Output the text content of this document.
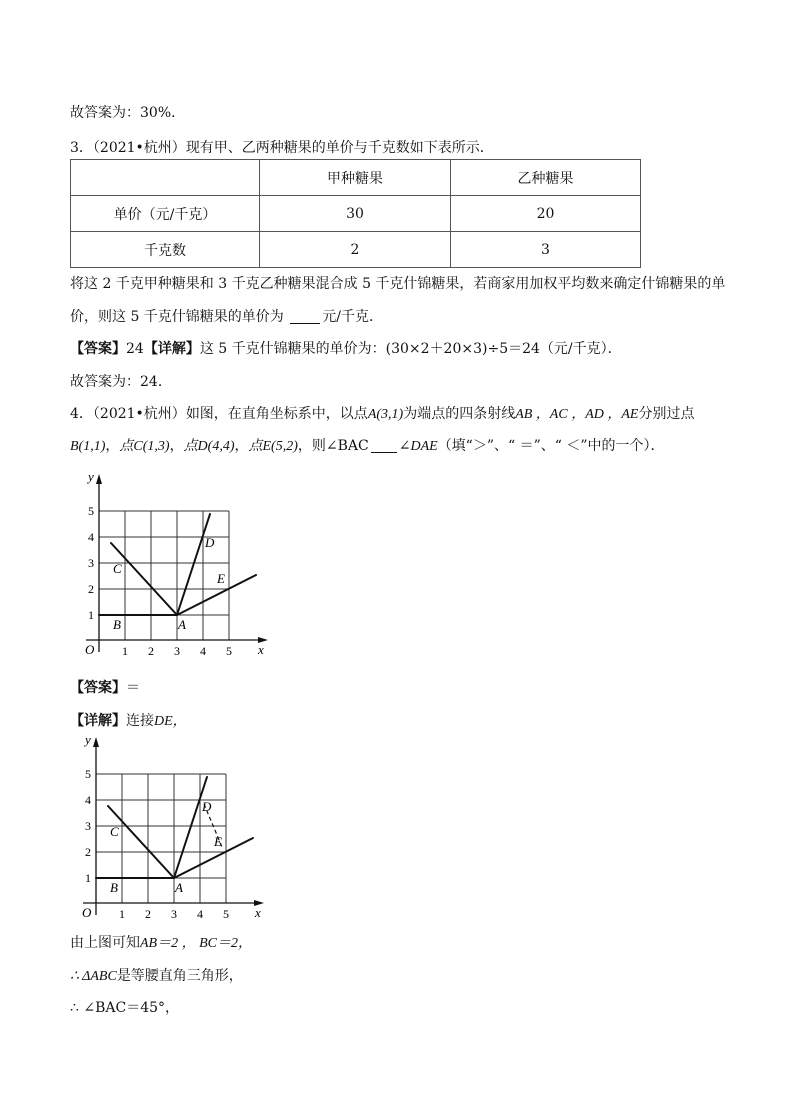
故答案为：30%．
3．（2021•杭州）现有甲、乙两种糖果的单价与千克数如下表所示．
	甲种糖果	乙种糖果
单价（元/千克）	30	20
千克数	2	3
将这 2 千克甲种糖果和 3 千克乙种糖果混合成 5 千克什锦糖果，若商家用加权平均数来确定什锦糖果的单
价，则这 5 千克什锦糖果的单价为	元/千克．
【答案】24【详解】这 5 千克什锦糖果的单价为：(30×2＋20×3)÷5＝24（元/千克）．
故答案为：24．
4．（2021•杭州）如图，在直角坐标系中，以点A(3,1)为端点的四条射线AB ，AC ，AD ，AE分别过点
B(1,1)，点C(1,3)，点D(4,4)，点E(5,2)，则∠BAC ∠DAE（填“＞”、“ ＝”、“ ＜”中的一个）．
y
x
O 1 2 3 4 5
1
2
3
4
5
A
B
C
D
E
【答案】＝
【详解】连接DE，
y
x
O 1 2 3 4 5
1
2
3
4
5
A
B
C
D
E
由上图可知AB＝2 ， BC＝2，
∴ ΔABC是等腰直角三角形，
∴ ∠BAC＝45°，
